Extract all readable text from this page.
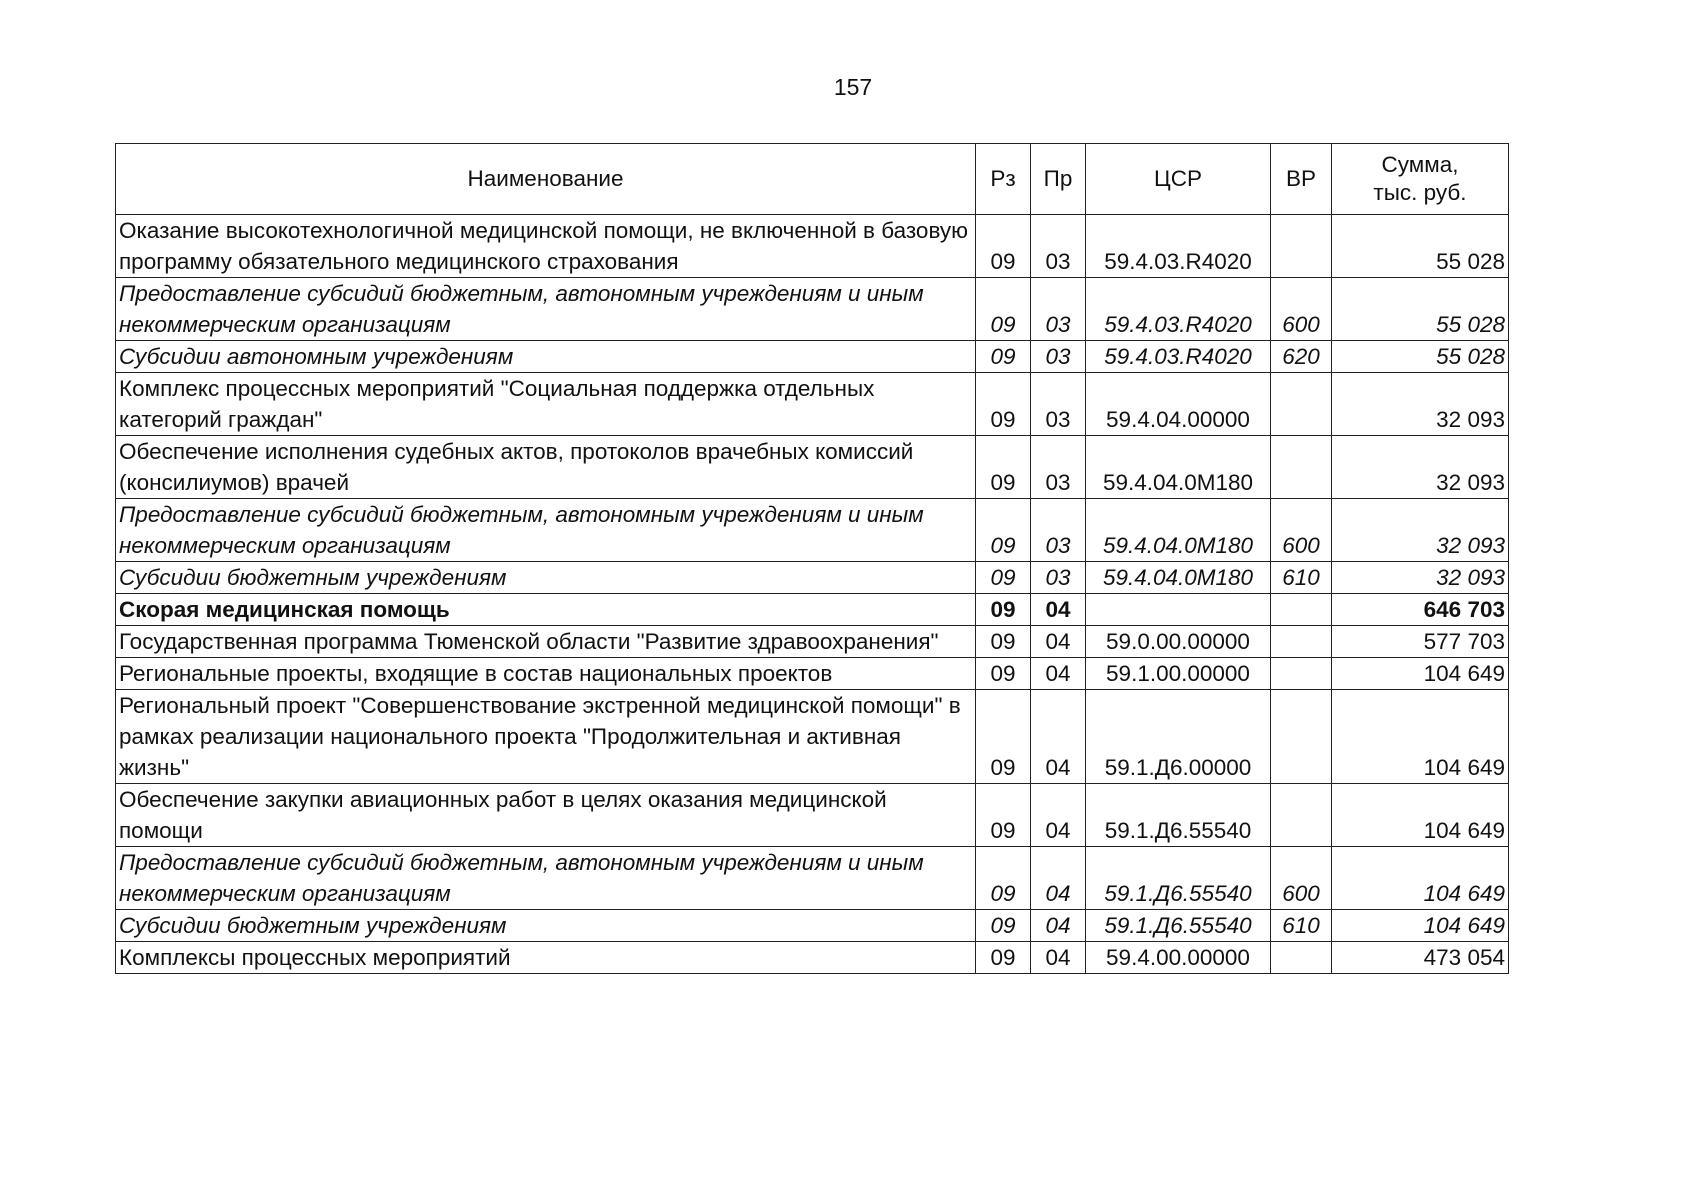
157
Наименование	Рз	Пр	ЦСР	ВР	Сумма,
тыс. руб.
Оказание высокотехнологичной медицинской помощи, не включенной в базовую программу обязательного медицинского страхования	09	03	59.4.03.R4020		55 028
Предоставление субсидий бюджетным, автономным учреждениям и иным некоммерческим организациям	09	03	59.4.03.R4020	600	55 028
Субсидии автономным учреждениям	09	03	59.4.03.R4020	620	55 028
Комплекс процессных мероприятий "Социальная поддержка отдельных категорий граждан"	09	03	59.4.04.00000		32 093
Обеспечение исполнения судебных актов, протоколов врачебных комиссий (консилиумов) врачей	09	03	59.4.04.0М180		32 093
Предоставление субсидий бюджетным, автономным учреждениям и иным некоммерческим организациям	09	03	59.4.04.0М180	600	32 093
Субсидии бюджетным учреждениям	09	03	59.4.04.0М180	610	32 093
Скорая медицинская помощь	09	04			646 703
Государственная программа Тюменской области "Развитие здравоохранения"	09	04	59.0.00.00000		577 703
Региональные проекты, входящие в состав национальных проектов	09	04	59.1.00.00000		104 649
Региональный проект "Совершенствование экстренной медицинской помощи" в рамках реализации национального проекта "Продолжительная и активная жизнь"	09	04	59.1.Д6.00000		104 649
Обеспечение закупки авиационных работ в целях оказания медицинской помощи	09	04	59.1.Д6.55540		104 649
Предоставление субсидий бюджетным, автономным учреждениям и иным некоммерческим организациям	09	04	59.1.Д6.55540	600	104 649
Субсидии бюджетным учреждениям	09	04	59.1.Д6.55540	610	104 649
Комплексы процессных мероприятий	09	04	59.4.00.00000		473 054
